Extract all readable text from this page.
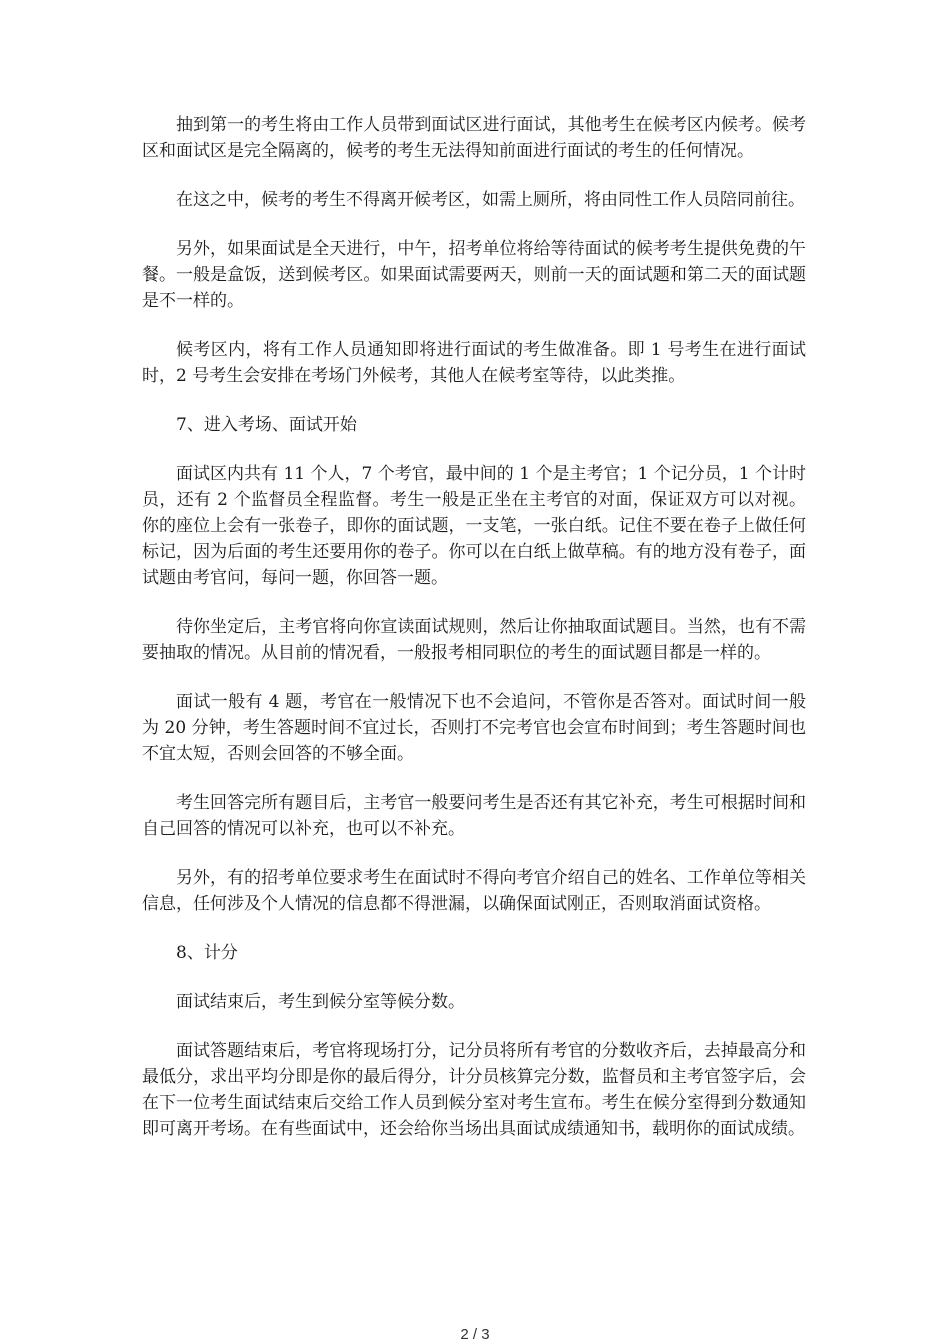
抽到第一的考生将由工作人员带到面试区进行面试，其他考生在候考区内候考。候考区和面试区是完全隔离的，候考的考生无法得知前面进行面试的考生的任何情况。

在这之中，候考的考生不得离开候考区，如需上厕所，将由同性工作人员陪同前往。

另外，如果面试是全天进行，中午，招考单位将给等待面试的候考考生提供免费的午餐。一般是盒饭，送到候考区。如果面试需要两天，则前一天的面试题和第二天的面试题是不一样的。

候考区内，将有工作人员通知即将进行面试的考生做准备。即 1 号考生在进行面试时，2 号考生会安排在考场门外候考，其他人在候考室等待，以此类推。

7、进入考场、面试开始

面试区内共有 11 个人，7 个考官，最中间的 1 个是主考官；1 个记分员，1 个计时员，还有 2 个监督员全程监督。考生一般是正坐在主考官的对面，保证双方可以对视。你的座位上会有一张卷子，即你的面试题，一支笔，一张白纸。记住不要在卷子上做任何标记，因为后面的考生还要用你的卷子。你可以在白纸上做草稿。有的地方没有卷子，面试题由考官问，每问一题，你回答一题。

待你坐定后，主考官将向你宣读面试规则，然后让你抽取面试题目。当然，也有不需要抽取的情况。从目前的情况看，一般报考相同职位的考生的面试题目都是一样的。

面试一般有 4 题，考官在一般情况下也不会追问，不管你是否答对。面试时间一般为 20 分钟，考生答题时间不宜过长，否则打不完考官也会宣布时间到；考生答题时间也不宜太短，否则会回答的不够全面。

考生回答完所有题目后，主考官一般要问考生是否还有其它补充，考生可根据时间和自己回答的情况可以补充，也可以不补充。

另外，有的招考单位要求考生在面试时不得向考官介绍自己的姓名、工作单位等相关信息，任何涉及个人情况的信息都不得泄漏，以确保面试刚正，否则取消面试资格。

8、计分

面试结束后，考生到候分室等候分数。

面试答题结束后，考官将现场打分，记分员将所有考官的分数收齐后，去掉最高分和最低分，求出平均分即是你的最后得分，计分员核算完分数，监督员和主考官签字后，会在下一位考生面试结束后交给工作人员到候分室对考生宣布。考生在候分室得到分数通知即可离开考场。在有些面试中，还会给你当场出具面试成绩通知书，载明你的面试成绩。

2 / 3
